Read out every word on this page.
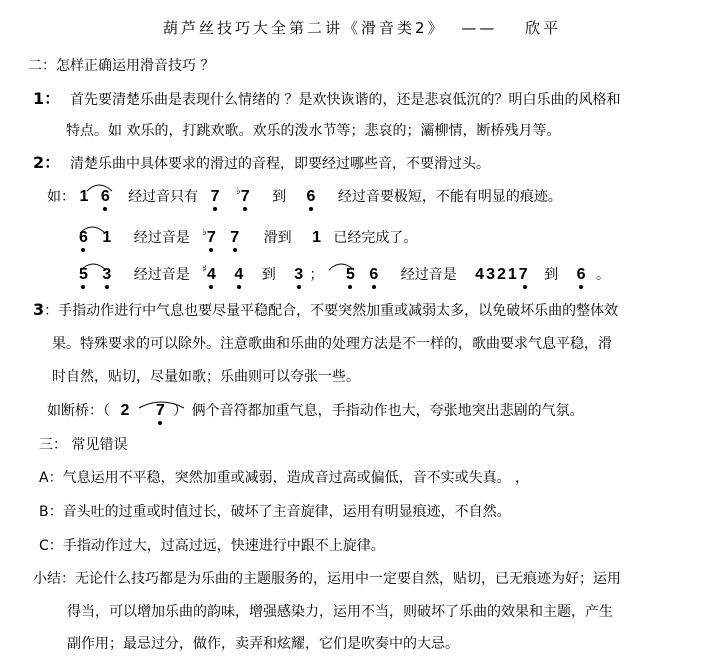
葫芦丝技巧大全第二讲《滑音类2》 —— 欣平
二：怎样正确运用滑音技巧 ？
1： 首先要清楚乐曲是表现什么情绪的 ？是欢快诙谐的，还是悲哀低沉的？明白乐曲的风格和
特点。如 欢乐的，打跳欢歌。欢乐的泼水节等；悲哀的；灞柳情，断桥残月等。
2： 清楚乐曲中具体要求的滑过的音程，即要经过哪些音，不要滑过头。
如： 1 6 经过音只有 7 ♭7 到 6 经过音要极短，不能有明显的痕迹。
6 1 经过音是 ♭7 7 滑到 1 已经完成了。
5 3 经过音是 ♯4 4 到 3 ； 5 6 经过音是 43217 到 6 。
3：手指动作进行中气息也要尽量平稳配合，不要突然加重或减弱太多，以免破坏乐曲的整体效
果。特殊要求的可以除外。注意歌曲和乐曲的处理方法是不一样的，歌曲要求气息平稳，滑
时自然，贴切，尽量如歌；乐曲则可以夸张一些。
如断桥：（ 2 7 ） 俩个音符都加重气息，手指动作也大，夸张地突出悲剧的气氛。
三： 常见错误
A：气息运用不平稳，突然加重或减弱，造成音过高或偏低，音不实或失真。 ，
B：音头吐的过重或时值过长，破坏了主音旋律，运用有明显痕迹，不自然。
C：手指动作过大，过高过远，快速进行中跟不上旋律。
小结：无论什么技巧都是为乐曲的主题服务的，运用中一定要自然，贴切，已无痕迹为好；运用
得当，可以增加乐曲的韵味，增强感染力，运用不当，则破坏了乐曲的效果和主题，产生
副作用；最忌过分，做作，卖弄和炫耀，它们是吹奏中的大忌。
